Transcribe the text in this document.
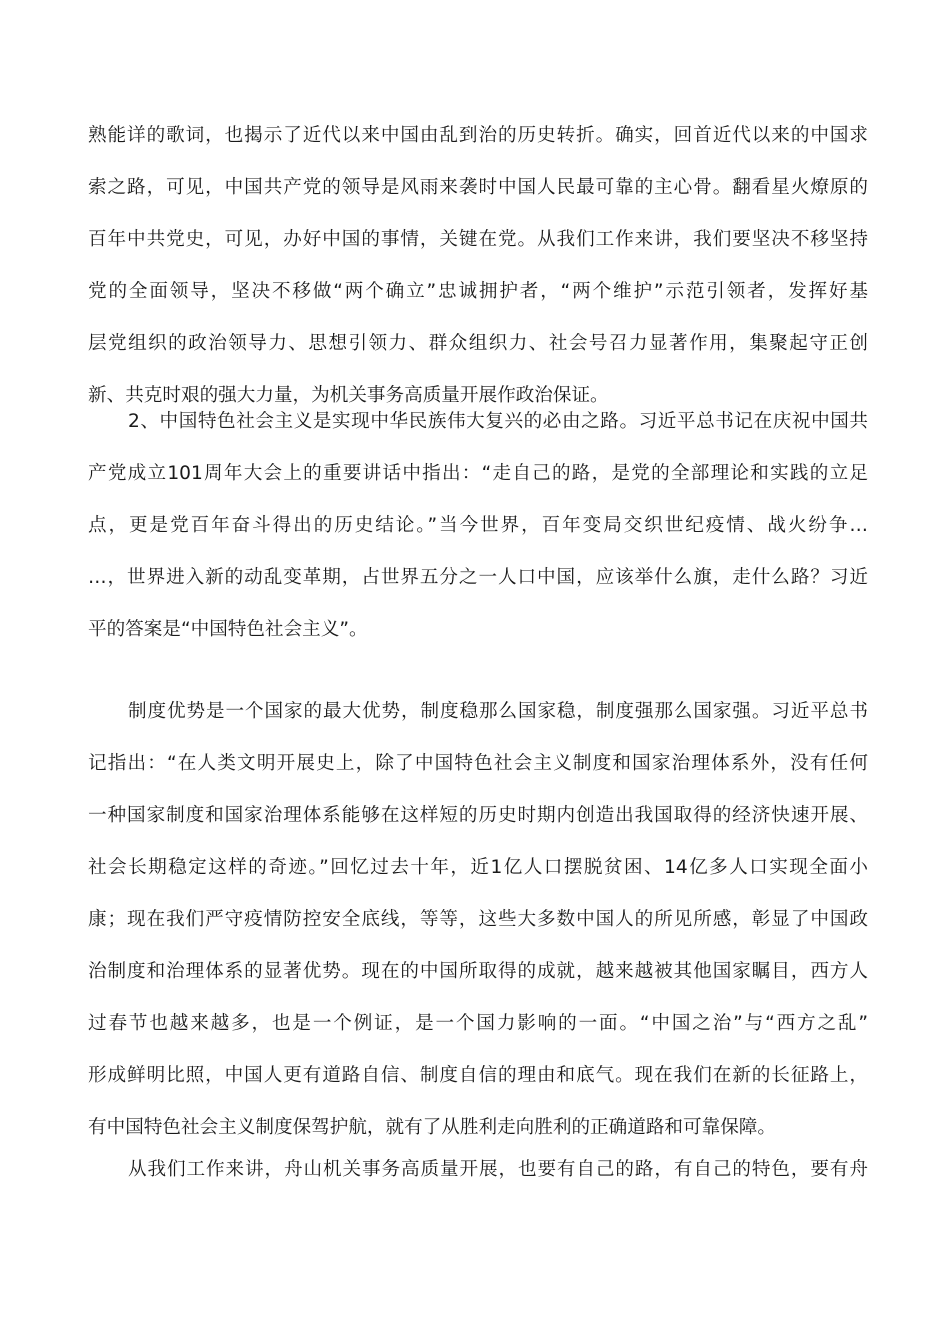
熟能详的歌词，也揭示了近代以来中国由乱到治的历史转折。确实，回首近代以来的中国求
索之路，可见，中国共产党的领导是风雨来袭时中国人民最可靠的主心骨。翻看星火燎原的
百年中共党史，可见，办好中国的事情，关键在党。从我们工作来讲，我们要坚决不移坚持
党的全面领导，坚决不移做“两个确立”忠诚拥护者，“两个维护”示范引领者，发挥好基
层党组织的政治领导力、思想引领力、群众组织力、社会号召力显著作用，集聚起守正创
新、共克时艰的强大力量，为机关事务高质量开展作政治保证。
2、中国特色社会主义是实现中华民族伟大复兴的必由之路。习近平总书记在庆祝中国共
产党成立101周年大会上的重要讲话中指出：“走自己的路，是党的全部理论和实践的立足
点，更是党百年奋斗得出的历史结论。”当今世界，百年变局交织世纪疫情、战火纷争…
…，世界进入新的动乱变革期，占世界五分之一人口中国，应该举什么旗，走什么路？习近
平的答案是“中国特色社会主义”。
制度优势是一个国家的最大优势，制度稳那么国家稳，制度强那么国家强。习近平总书
记指出：“在人类文明开展史上，除了中国特色社会主义制度和国家治理体系外，没有任何
一种国家制度和国家治理体系能够在这样短的历史时期内创造出我国取得的经济快速开展、
社会长期稳定这样的奇迹。”回忆过去十年，近1亿人口摆脱贫困、14亿多人口实现全面小
康；现在我们严守疫情防控安全底线，等等，这些大多数中国人的所见所感，彰显了中国政
治制度和治理体系的显著优势。现在的中国所取得的成就，越来越被其他国家瞩目，西方人
过春节也越来越多，也是一个例证，是一个国力影响的一面。“中国之治”与“西方之乱”
形成鲜明比照，中国人更有道路自信、制度自信的理由和底气。现在我们在新的长征路上，
有中国特色社会主义制度保驾护航，就有了从胜利走向胜利的正确道路和可靠保障。
从我们工作来讲，舟山机关事务高质量开展，也要有自己的路，有自己的特色，要有舟
